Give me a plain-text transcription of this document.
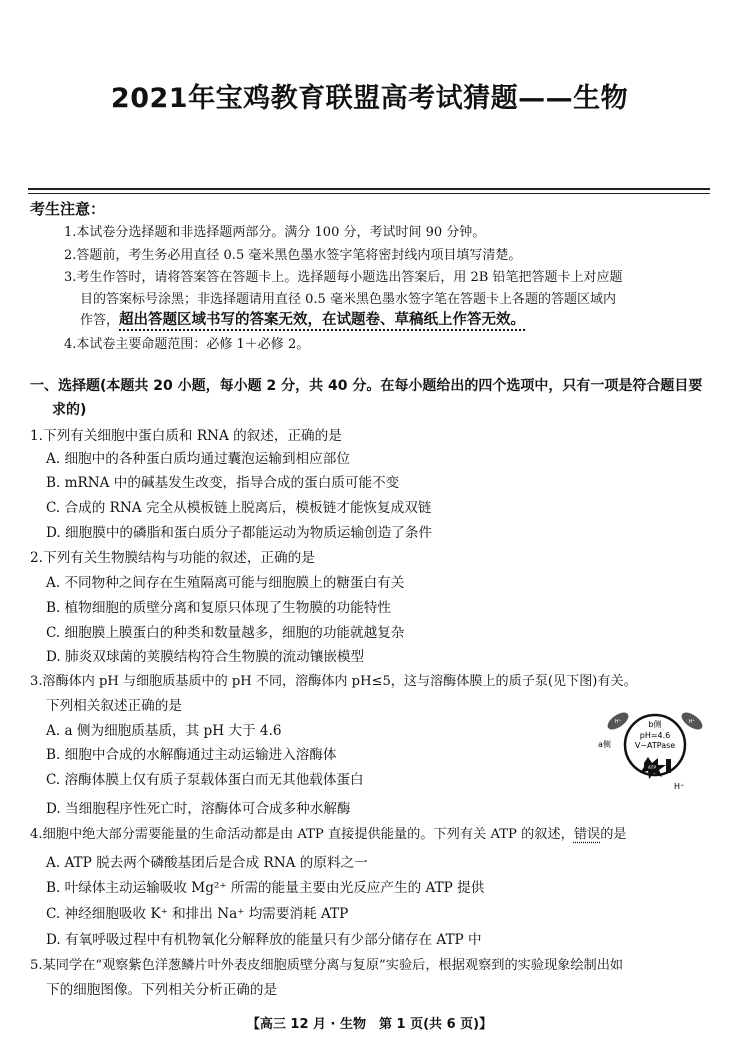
2021年宝鸡教育联盟高考试猜题——生物
考生注意：
1.本试卷分选择题和非选择题两部分。满分 100 分，考试时间 90 分钟。
2.答题前，考生务必用直径 0.5 毫米黑色墨水签字笔将密封线内项目填写清楚。
3.考生作答时，请将答案答在答题卡上。选择题每小题选出答案后，用 2B 铅笔把答题卡上对应题
目的答案标号涂黑；非选择题请用直径 0.5 毫米黑色墨水签字笔在答题卡上各题的答题区域内
作答，超出答题区域书写的答案无效，在试题卷、草稿纸上作答无效。
4.本试卷主要命题范围：必修 1＋必修 2。
一、选择题(本题共 20 小题，每小题 2 分，共 40 分。在每小题给出的四个选项中，只有一项是符合题目要
求的)
1.下列有关细胞中蛋白质和 RNA 的叙述，正确的是
A. 细胞中的各种蛋白质均通过囊泡运输到相应部位
B. mRNA 中的碱基发生改变，指导合成的蛋白质可能不变
C. 合成的 RNA 完全从模板链上脱离后，模板链才能恢复成双链
D. 细胞膜中的磷脂和蛋白质分子都能运动为物质运输创造了条件
2.下列有关生物膜结构与功能的叙述，正确的是
A. 不同物种之间存在生殖隔离可能与细胞膜上的糖蛋白有关
B. 植物细胞的质壁分离和复原只体现了生物膜的功能特性
C. 细胞膜上膜蛋白的种类和数量越多，细胞的功能就越复杂
D. 肺炎双球菌的荚膜结构符合生物膜的流动镶嵌模型
3.溶酶体内 pH 与细胞质基质中的 pH 不同，溶酶体内 pH≤5，这与溶酶体膜上的质子泵(见下图)有关。
下列相关叙述正确的是
A. a 侧为细胞质基质，其 pH 大于 4.6
B. 细胞中合成的水解酶通过主动运输进入溶酶体
C. 溶酶体膜上仅有质子泵载体蛋白而无其他载体蛋白
D. 当细胞程序性死亡时，溶酶体可合成多种水解酶
H⁺	H⁺
b侧
pH=4.6
V−ATPase
a侧
ATP
H⁺
4.细胞中绝大部分需要能量的生命活动都是由 ATP 直接提供能量的。下列有关 ATP 的叙述，错误的是
A. ATP 脱去两个磷酸基团后是合成 RNA 的原料之一
B. 叶绿体主动运输吸收 Mg²⁺ 所需的能量主要由光反应产生的 ATP 提供
C. 神经细胞吸收 K⁺ 和排出 Na⁺ 均需要消耗 ATP
D. 有氧呼吸过程中有机物氧化分解释放的能量只有少部分储存在 ATP 中
5.某同学在“观察紫色洋葱鳞片叶外表皮细胞质壁分离与复原”实验后，根据观察到的实验现象绘制出如
下的细胞图像。下列相关分析正确的是
【高三 12 月 · 生物　第 1 页(共 6 页)】
